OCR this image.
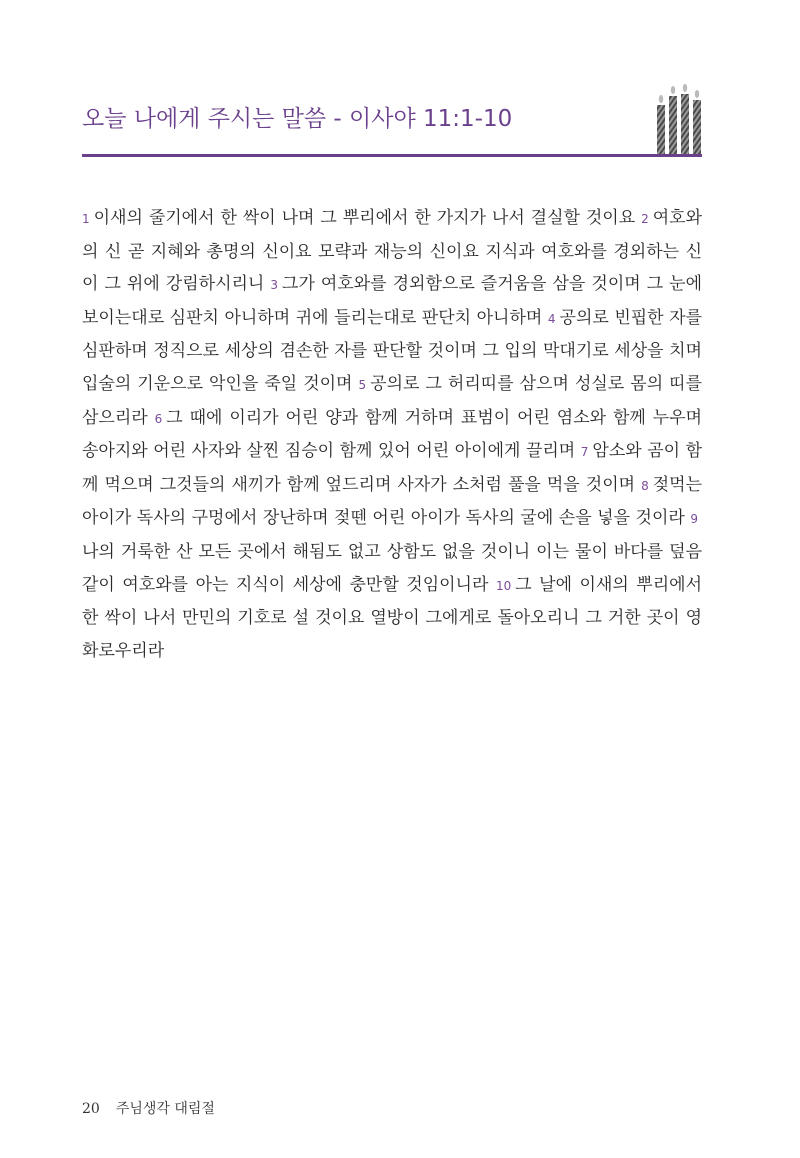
오늘 나에게 주시는 말씀 - 이사야 11:1-10

1 이새의 줄기에서 한 싹이 나며 그 뿌리에서 한 가지가 나서 결실할 것이요 2 여호와의 신 곧 지혜와 총명의 신이요 모략과 재능의 신이요 지식과 여호와를 경외하는 신이 그 위에 강림하시리니 3 그가 여호와를 경외함으로 즐거움을 삼을 것이며 그 눈에 보이는대로 심판치 아니하며 귀에 들리는대로 판단치 아니하며 4 공의로 빈핍한 자를 심판하며 정직으로 세상의 겸손한 자를 판단할 것이며 그 입의 막대기로 세상을 치며 입술의 기운으로 악인을 죽일 것이며 5 공의로 그 허리띠를 삼으며 성실로 몸의 띠를 삼으리라 6 그 때에 이리가 어린 양과 함께 거하며 표범이 어린 염소와 함께 누우며 송아지와 어린 사자와 살찐 짐승이 함께 있어 어린 아이에게 끌리며 7 암소와 곰이 함께 먹으며 그것들의 새끼가 함께 엎드리며 사자가 소처럼 풀을 먹을 것이며 8 젖먹는 아이가 독사의 구멍에서 장난하며 젖뗀 어린 아이가 독사의 굴에 손을 넣을 것이라 9나의 거룩한 산 모든 곳에서 해됨도 없고 상함도 없을 것이니 이는 물이 바다를 덮음 같이 여호와를 아는 지식이 세상에 충만할 것임이니라 10 그 날에 이새의 뿌리에서 한 싹이 나서 만민의 기호로 설 것이요 열방이 그에게로 돌아오리니 그 거한 곳이 영화로우리라

20 주님생각 대림절
